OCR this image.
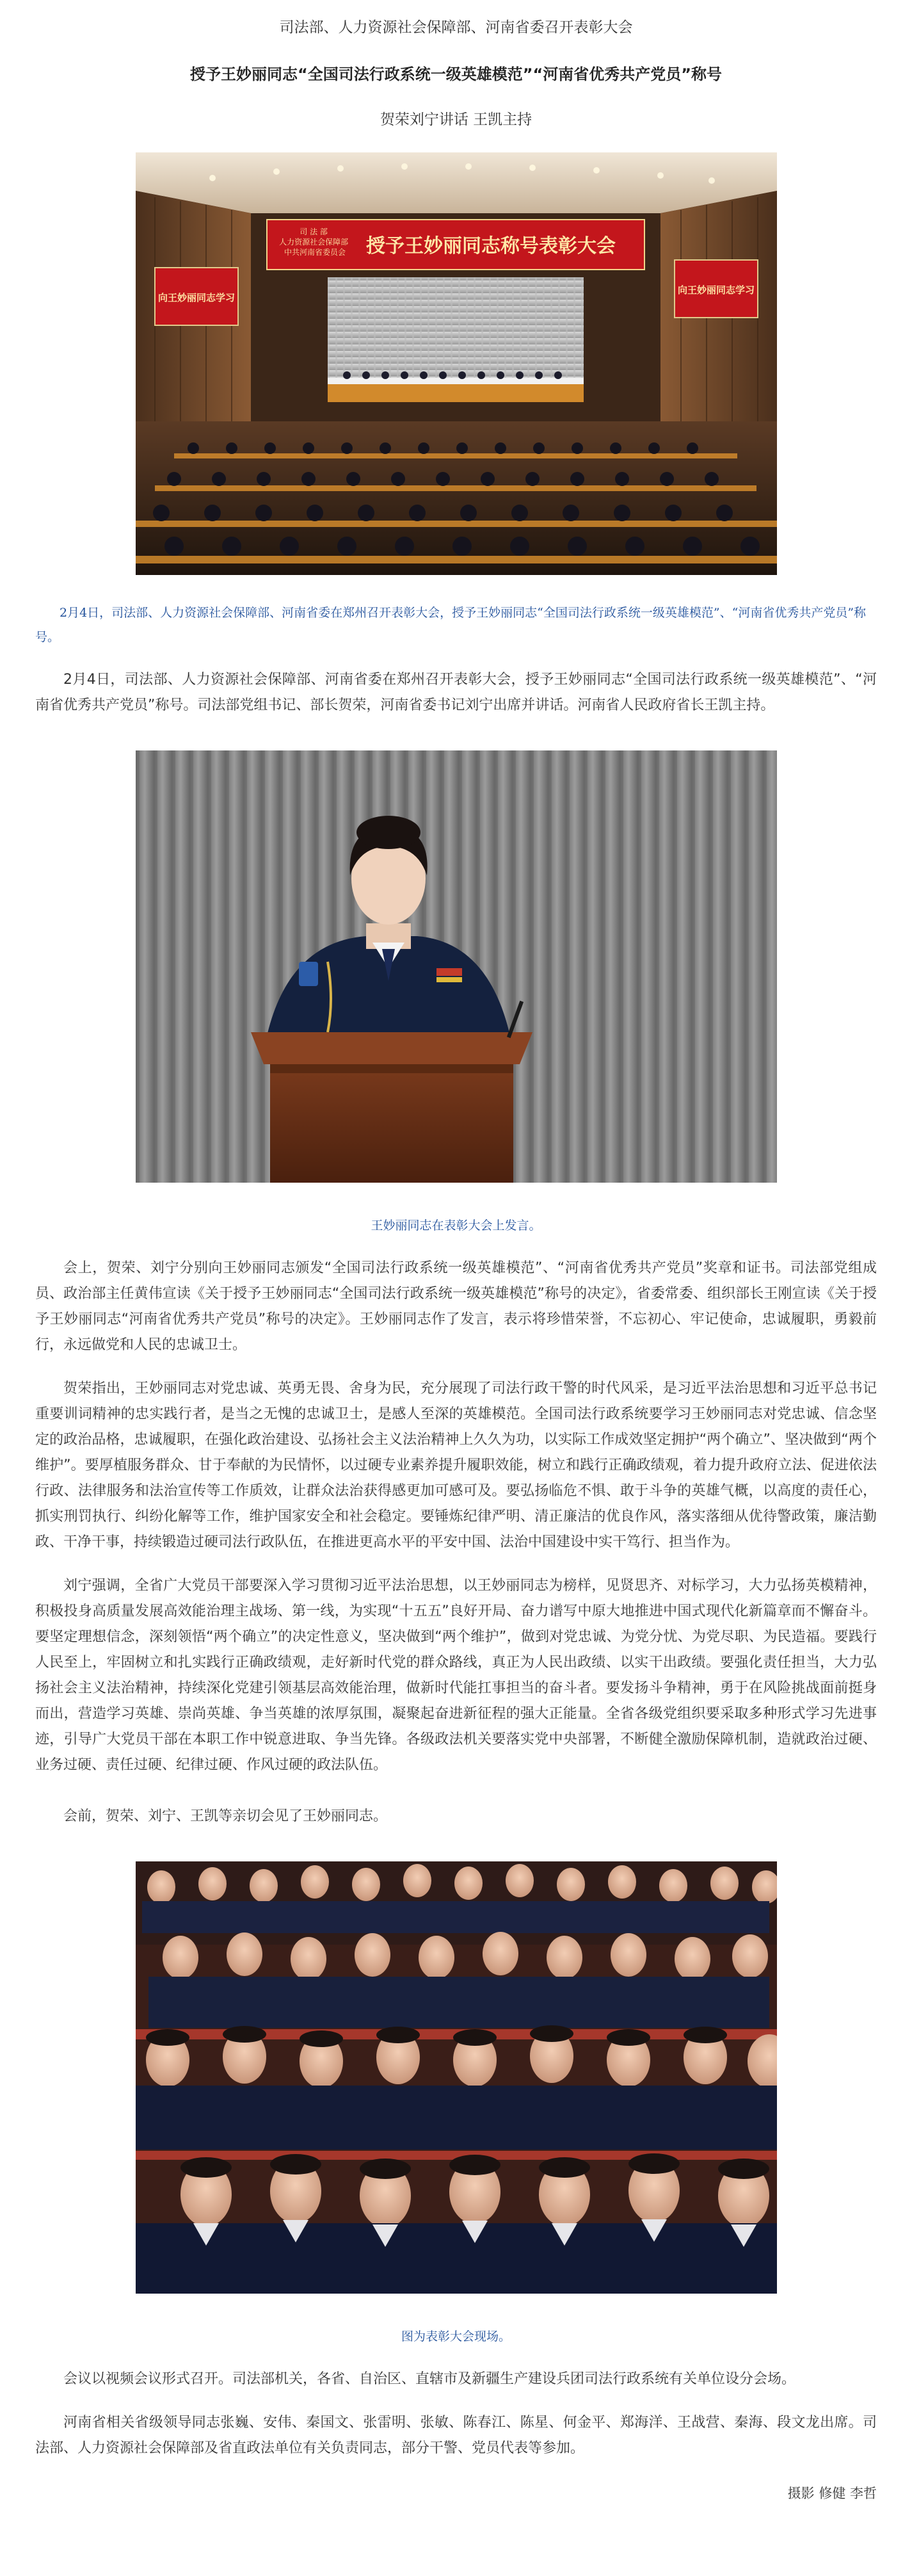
司法部、人力资源社会保障部、河南省委召开表彰大会
授予王妙丽同志“全国司法行政系统一级英雄模范”“河南省优秀共产党员”称号
贺荣刘宁讲话 王凯主持
向王妙丽同志学习
向王妙丽同志学习
司 法 部 人力资源社会保障部 中共河南省委员会 授予王妙丽同志称号表彰大会

2月4日，司法部、人力资源社会保障部、河南省委在郑州召开表彰大会，授予王妙丽同志“全国司法行政系统一级英雄模范”、“河南省优秀共产党员”称号。

2月4日，司法部、人力资源社会保障部、河南省委在郑州召开表彰大会，授予王妙丽同志“全国司法行政系统一级英雄模范”、“河南省优秀共产党员”称号。司法部党组书记、部长贺荣，河南省委书记刘宁出席并讲话。河南省人民政府省长王凯主持。

王妙丽同志在表彰大会上发言。

会上，贺荣、刘宁分别向王妙丽同志颁发“全国司法行政系统一级英雄模范”、“河南省优秀共产党员”奖章和证书。司法部党组成员、政治部主任黄伟宣读《关于授予王妙丽同志“全国司法行政系统一级英雄模范”称号的决定》，省委常委、组织部长王刚宣读《关于授予王妙丽同志“河南省优秀共产党员”称号的决定》。王妙丽同志作了发言，表示将珍惜荣誉，不忘初心、牢记使命，忠诚履职，勇毅前行，永远做党和人民的忠诚卫士。

贺荣指出，王妙丽同志对党忠诚、英勇无畏、舍身为民，充分展现了司法行政干警的时代风采，是习近平法治思想和习近平总书记重要训词精神的忠实践行者，是当之无愧的忠诚卫士，是感人至深的英雄模范。全国司法行政系统要学习王妙丽同志对党忠诚、信念坚定的政治品格，忠诚履职，在强化政治建设、弘扬社会主义法治精神上久久为功，以实际工作成效坚定拥护“两个确立”、坚决做到“两个维护”。要厚植服务群众、甘于奉献的为民情怀，以过硬专业素养提升履职效能，树立和践行正确政绩观，着力提升政府立法、促进依法行政、法律服务和法治宣传等工作质效，让群众法治获得感更加可感可及。要弘扬临危不惧、敢于斗争的英雄气概，以高度的责任心，抓实刑罚执行、纠纷化解等工作，维护国家安全和社会稳定。要锤炼纪律严明、清正廉洁的优良作风，落实落细从优待警政策，廉洁勤政、干净干事，持续锻造过硬司法行政队伍，在推进更高水平的平安中国、法治中国建设中实干笃行、担当作为。

刘宁强调，全省广大党员干部要深入学习贯彻习近平法治思想，以王妙丽同志为榜样，见贤思齐、对标学习，大力弘扬英模精神，积极投身高质量发展高效能治理主战场、第一线，为实现“十五五”良好开局、奋力谱写中原大地推进中国式现代化新篇章而不懈奋斗。要坚定理想信念，深刻领悟“两个确立”的决定性意义，坚决做到“两个维护”，做到对党忠诚、为党分忧、为党尽职、为民造福。要践行人民至上，牢固树立和扎实践行正确政绩观，走好新时代党的群众路线，真正为人民出政绩、以实干出政绩。要强化责任担当，大力弘扬社会主义法治精神，持续深化党建引领基层高效能治理，做新时代能扛事担当的奋斗者。要发扬斗争精神，勇于在风险挑战面前挺身而出，营造学习英雄、崇尚英雄、争当英雄的浓厚氛围，凝聚起奋进新征程的强大正能量。全省各级党组织要采取多种形式学习先进事迹，引导广大党员干部在本职工作中锐意进取、争当先锋。各级政法机关要落实党中央部署，不断健全激励保障机制，造就政治过硬、业务过硬、责任过硬、纪律过硬、作风过硬的政法队伍。

会前，贺荣、刘宁、王凯等亲切会见了王妙丽同志。

图为表彰大会现场。

会议以视频会议形式召开。司法部机关，各省、自治区、直辖市及新疆生产建设兵团司法行政系统有关单位设分会场。

河南省相关省级领导同志张巍、安伟、秦国文、张雷明、张敏、陈春江、陈星、何金平、郑海洋、王战营、秦海、段文龙出席。司法部、人力资源社会保障部及省直政法单位有关负责同志，部分干警、党员代表等参加。

摄影 修健 李哲
